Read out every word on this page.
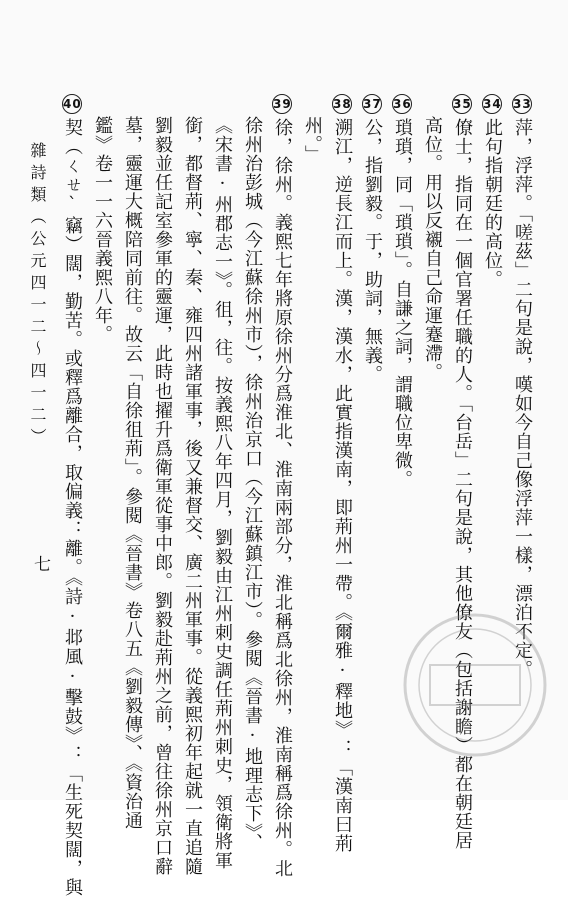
33萍，浮萍。「嗟茲」二句是說，嘆如今自己像浮萍一樣，漂泊不定。
34此句指朝廷的高位。
35僚士，指同在一個官署任職的人。「台岳」二句是說，其他僚友（包括謝瞻）都在朝廷居
高位。用以反襯自己命運蹇滯。
36瑣瑣，同「瑣瑣」。自謙之詞，謂職位卑微。
37公，指劉毅。于，助詞，無義。
38溯江，逆長江而上。漢，漢水，此實指漢南，即荊州一帶。《爾雅·釋地》：「漢南曰荊
州。」
39徐，徐州。義熙七年將原徐州分爲淮北、淮南兩部分，淮北稱爲北徐州，淮南稱爲徐州。北
徐州治彭城（今江蘇徐州市），徐州治京口（今江蘇鎮江市）。參閱《晉書·地理志下》、
《宋書·州郡志一》。徂，往。按義熙八年四月，劉毅由江州刺史調任荊州刺史，領衛將軍
銜，都督荊、寧、秦、雍四州諸軍事，後又兼督交、廣二州軍事。從義熙初年起就一直追隨
劉毅並任記室參軍的靈運，此時也擢升爲衛軍從事中郎。劉毅赴荊州之前，曾往徐州京口辭
墓，靈運大概陪同前往。故云「自徐徂荊」。參閱《晉書》卷八五《劉毅傳》、《資治通
鑑》卷一一六晉義熙八年。
40契（ㄑㄝˋ竊）闊，勤苦。或釋爲離合，取偏義：離。《詩·邶風·擊鼓》：「生死契闊，與
雜詩類（公元四一二～四一二）
七
